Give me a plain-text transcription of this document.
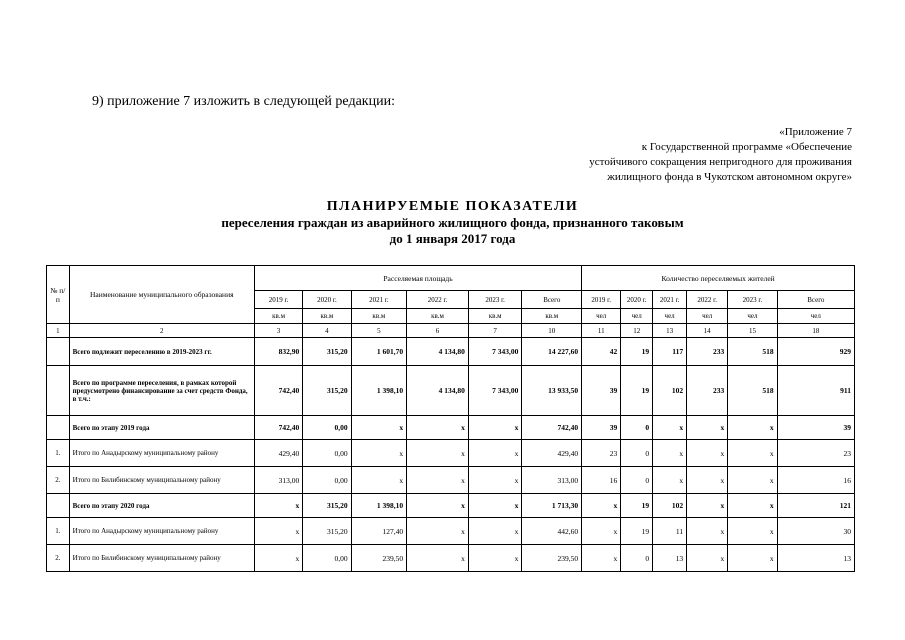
9) приложение 7 изложить в следующей редакции:

«Приложение 7
к Государственной программе «Обеспечение
устойчивого сокращения непригодного для проживания
жилищного фонда в Чукотском автономном округе»
ПЛАНИРУЕМЫЕ ПОКАЗАТЕЛИ
переселения граждан из аварийного жилищного фонда, признанного таковым
до 1 января 2017 года
№ п/п	Наименование муниципального образования	Расселяемая площадь						Количество переселяемых жителей					
		2019 г.	2020 г.	2021 г.	2022 г.	2023 г.	Всего	2019 г.	2020 г.	2021 г.	2022 г.	2023 г.	Всего
		кв.м	кв.м	кв.м	кв.м	кв.м	кв.м	чел	чел	чел	чел	чел	чел
1	2	3	4	5	6	7	10	11	12	13	14	15	18
	Всего подлежит переселению в 2019-2023 гг.	832,90	315,20	1 601,70	4 134,80	7 343,00	14 227,60	42	19	117	233	518	929
	Всего по программе переселения, в рамках которой предусмотрено финансирование за счет средств Фонда, в т.ч.:	742,40	315,20	1 398,10	4 134,80	7 343,00	13 933,50	39	19	102	233	518	911
	Всего по этапу 2019 года	742,40	0,00	х	х	х	742,40	39	0	х	х	х	39
1.	Итого по Анадырскому муниципальному району	429,40	0,00	х	х	х	429,40	23	0	х	х	х	23
2.	Итого по Билибинскому муниципальному району	313,00	0,00	х	х	х	313,00	16	0	х	х	х	16
	Всего по этапу 2020 года	х	315,20	1 398,10	х	х	1 713,30	х	19	102	х	х	121
1.	Итого по Анадырскому муниципальному району	х	315,20	127,40	х	х	442,60	х	19	11	х	х	30
2.	Итого по Билибинскому муниципальному району	х	0,00	239,50	х	х	239,50	х	0	13	х	х	13
